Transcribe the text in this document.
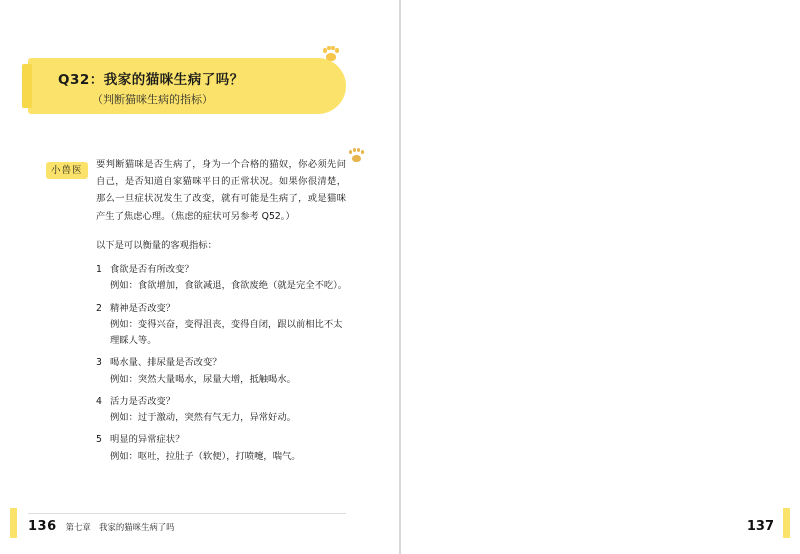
Q32：我家的猫咪生病了吗？
（判断猫咪生病的指标）
小兽医
要判断猫咪是否生病了，身为一个合格的猫奴，你必须先问自己，是否知道自家猫咪平日的正常状况。如果你很清楚，那么一旦症状况发生了改变，就有可能是生病了，或是猫咪产生了焦虑心理。（焦虑的症状可另参考 Q52。）
以下是可以衡量的客观指标：
1 食欲是否有所改变？
例如：食欲增加，食欲减退，食欲废绝（就是完全不吃）。
2 精神是否改变？
例如：变得兴奋，变得沮丧，变得自闭，跟以前相比不太理睬人等。
3 喝水量、排尿量是否改变？
例如：突然大量喝水，尿量大增，抵触喝水。
4 活力是否改变？
例如：过于激动，突然有气无力，异常好动。
5 明显的异常症状？
例如：呕吐，拉肚子（软便），打喷嚏，喘气。
136 第七章　我家的猫咪生病了吗	137
